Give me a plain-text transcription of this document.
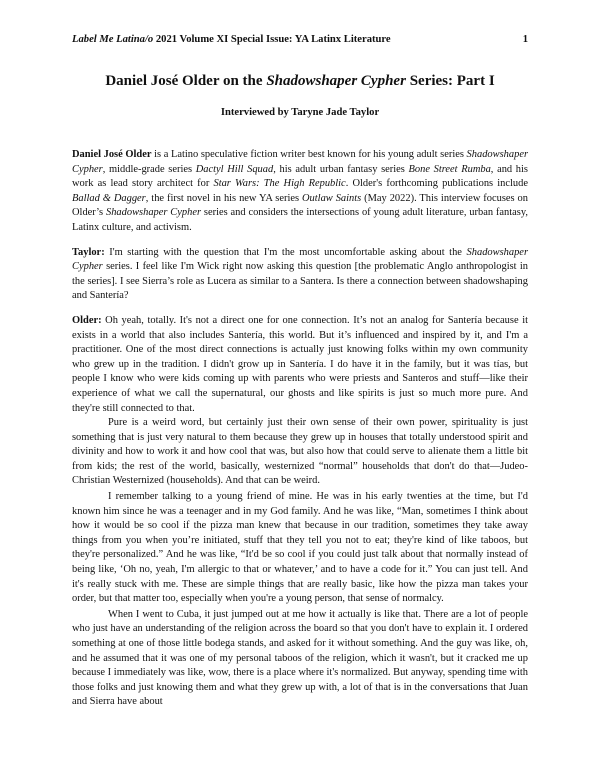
Label Me Latina/o 2021 Volume XI Special Issue: YA Latinx Literature	1
Daniel José Older on the Shadowshaper Cypher Series: Part I
Interviewed by Taryne Jade Taylor

Daniel José Older is a Latino speculative fiction writer best known for his young adult series Shadowshaper Cypher, middle-grade series Dactyl Hill Squad, his adult urban fantasy series Bone Street Rumba, and his work as lead story architect for Star Wars: The High Republic. Older's forthcoming publications include Ballad & Dagger, the first novel in his new YA series Outlaw Saints (May 2022). This interview focuses on Older’s Shadowshaper Cypher series and considers the intersections of young adult literature, urban fantasy, Latinx culture, and activism.

Taylor: I'm starting with the question that I'm the most uncomfortable asking about the Shadowshaper Cypher series. I feel like I'm Wick right now asking this question [the problematic Anglo anthropologist in the series]. I see Sierra’s role as Lucera as similar to a Santera. Is there a connection between shadowshaping and Santería?

Older: Oh yeah, totally. It's not a direct one for one connection. It’s not an analog for Santería because it exists in a world that also includes Santería, this world. But it’s influenced and inspired by it, and I'm a practitioner. One of the most direct connections is actually just knowing folks within my own community who grew up in the tradition. I didn't grow up in Santería. I do have it in the family, but it was tías, but people I know who were kids coming up with parents who were priests and Santeros and stuff—like their experience of what we call the supernatural, our ghosts and like spirits is just so much more pure. And they're still connected to that.

Pure is a weird word, but certainly just their own sense of their own power, spirituality is just something that is just very natural to them because they grew up in houses that totally understood spirit and divinity and how to work it and how cool that was, but also how that could serve to alienate them a little bit from kids; the rest of the world, basically, westernized “normal” households that don't do that—Judeo-Christian Westernized (households). And that can be weird.

I remember talking to a young friend of mine. He was in his early twenties at the time, but I'd known him since he was a teenager and in my God family. And he was like, “Man, sometimes I think about how it would be so cool if the pizza man knew that because in our tradition, sometimes they take away things from you when you’re initiated, stuff that they tell you not to eat; they're kind of like taboos, but they're personalized.” And he was like, “It'd be so cool if you could just talk about that normally instead of being like, ‘Oh no, yeah, I'm allergic to that or whatever,’ and to have a code for it.” You can just tell. And it's really stuck with me. These are simple things that are really basic, like how the pizza man takes your order, but that matter too, especially when you're a young person, that sense of normalcy.

When I went to Cuba, it just jumped out at me how it actually is like that. There are a lot of people who just have an understanding of the religion across the board so that you don't have to explain it. I ordered something at one of those little bodega stands, and asked for it without something. And the guy was like, oh, and he assumed that it was one of my personal taboos of the religion, which it wasn't, but it cracked me up because I immediately was like, wow, there is a place where it's normalized. But anyway, spending time with those folks and just knowing them and what they grew up with, a lot of that is in the conversations that Juan and Sierra have about
